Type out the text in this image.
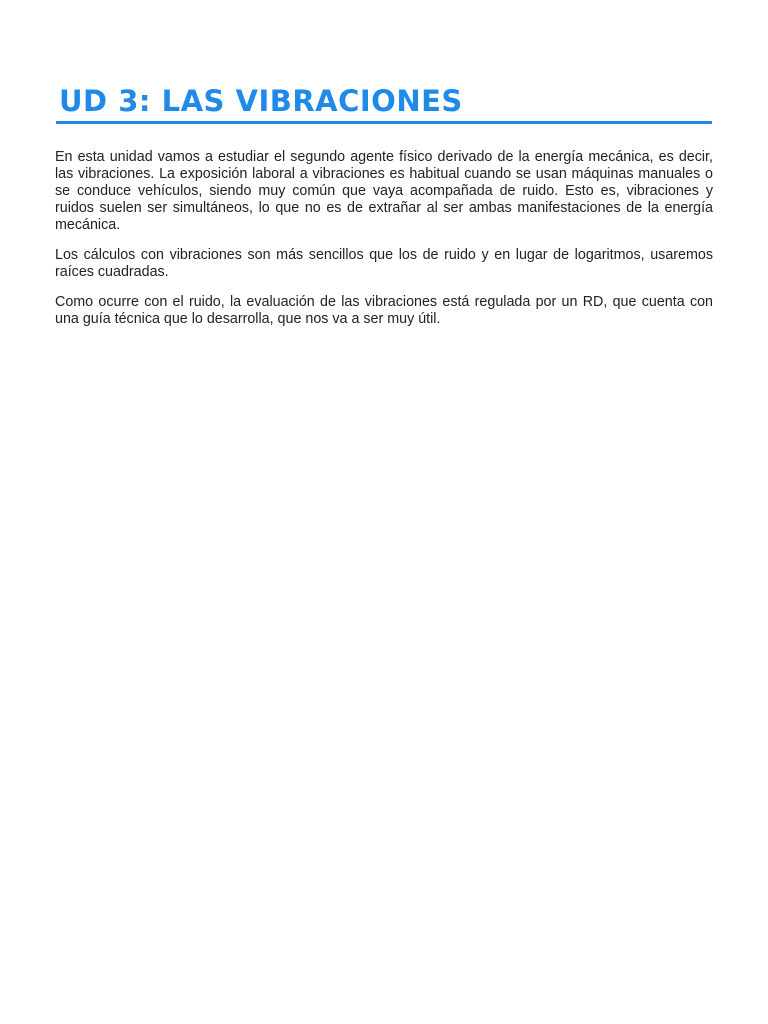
UD 3: LAS VIBRACIONES

En esta unidad vamos a estudiar el segundo agente físico derivado de la energía mecánica, es decir, las vibraciones. La exposición laboral a vibraciones es habitual cuando se usan máquinas manuales o se conduce vehículos, siendo muy común que vaya acompañada de ruido. Esto es, vibraciones y ruidos suelen ser simultáneos, lo que no es de extrañar al ser ambas manifestaciones de la energía mecánica.

Los cálculos con vibraciones son más sencillos que los de ruido y en lugar de logaritmos, usaremos raíces cuadradas.

Como ocurre con el ruido, la evaluación de las vibraciones está regulada por un RD, que cuenta con una guía técnica que lo desarrolla, que nos va a ser muy útil.
